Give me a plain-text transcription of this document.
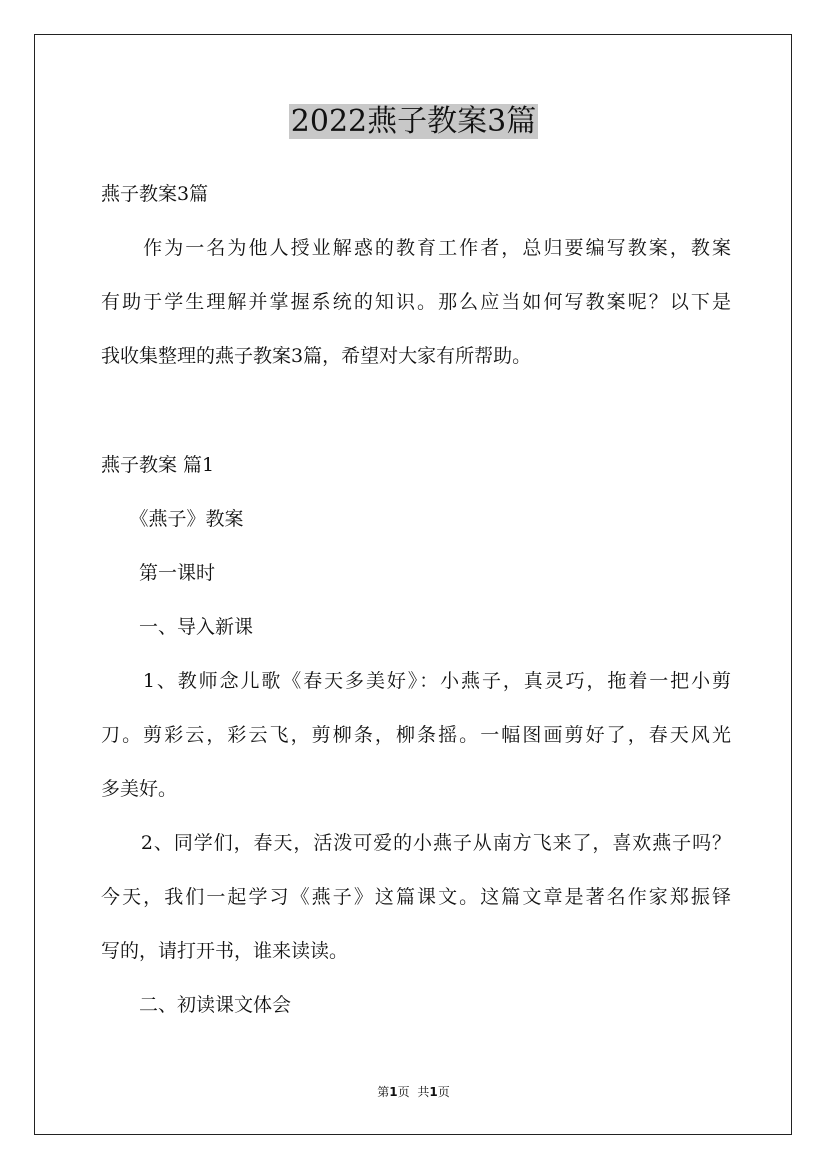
2022燕子教案3篇
燕子教案3篇
　　作为一名为他人授业解惑的教育工作者，总归要编写教案，教案
有助于学生理解并掌握系统的知识。那么应当如何写教案呢？以下是
我收集整理的燕子教案3篇，希望对大家有所帮助。
燕子教案 篇1
　　《燕子》教案
　　第一课时
　　一、导入新课
　　1、教师念儿歌《春天多美好》：小燕子，真灵巧，拖着一把小剪
刀。剪彩云，彩云飞，剪柳条，柳条摇。一幅图画剪好了，春天风光
多美好。
　　2、同学们，春天，活泼可爱的小燕子从南方飞来了，喜欢燕子吗？
今天，我们一起学习《燕子》这篇课文。这篇文章是著名作家郑振铎
写的，请打开书，谁来读读。
　　二、初读课文体会
第1页 共1页
